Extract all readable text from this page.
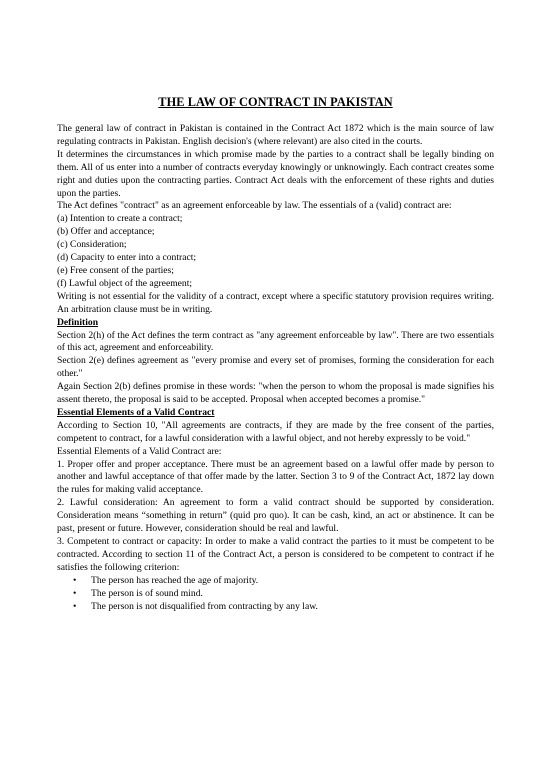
THE LAW OF CONTRACT IN PAKISTAN

The general law of contract in Pakistan is contained in the Contract Act 1872 which is the main source of law regulating contracts in Pakistan. English decision's (where relevant) are also cited in the courts.

It determines the circumstances in which promise made by the parties to a contract shall be legally binding on them. All of us enter into a number of contracts everyday knowingly or unknowingly. Each contract creates some right and duties upon the contracting parties. Contract Act deals with the enforcement of these rights and duties upon the parties.

The Act defines "contract" as an agreement enforceable by law. The essentials of a (valid) contract are:

(a) Intention to create a contract;

(b) Offer and acceptance;

(c) Consideration;

(d) Capacity to enter into a contract;

(e) Free consent of the parties;

(f) Lawful object of the agreement;

Writing is not essential for the validity of a contract, except where a specific statutory provision requires writing. An arbitration clause must be in writing.

Definition

Section 2(h) of the Act defines the term contract as "any agreement enforceable by law". There are two essentials of this act, agreement and enforceability.

Section 2(e) defines agreement as "every promise and every set of promises, forming the consideration for each other."

Again Section 2(b) defines promise in these words: "when the person to whom the proposal is made signifies his assent thereto, the proposal is said to be accepted. Proposal when accepted becomes a promise."

Essential Elements of a Valid Contract

According to Section 10, "All agreements are contracts, if they are made by the free consent of the parties, competent to contract, for a lawful consideration with a lawful object, and not hereby expressly to be void."

Essential Elements of a Valid Contract are:

1. Proper offer and proper acceptance. There must be an agreement based on a lawful offer made by person to another and lawful acceptance of that offer made by the latter. Section 3 to 9 of the Contract Act, 1872 lay down the rules for making valid acceptance.

2. Lawful consideration: An agreement to form a valid contract should be supported by consideration. Consideration means “something in return” (quid pro quo). It can be cash, kind, an act or abstinence. It can be past, present or future. However, consideration should be real and lawful.

3. Competent to contract or capacity: In order to make a valid contract the parties to it must be competent to be contracted. According to section 11 of the Contract Act, a person is considered to be competent to contract if he satisfies the following criterion:

• The person has reached the age of majority.
• The person is of sound mind.
• The person is not disqualified from contracting by any law.
